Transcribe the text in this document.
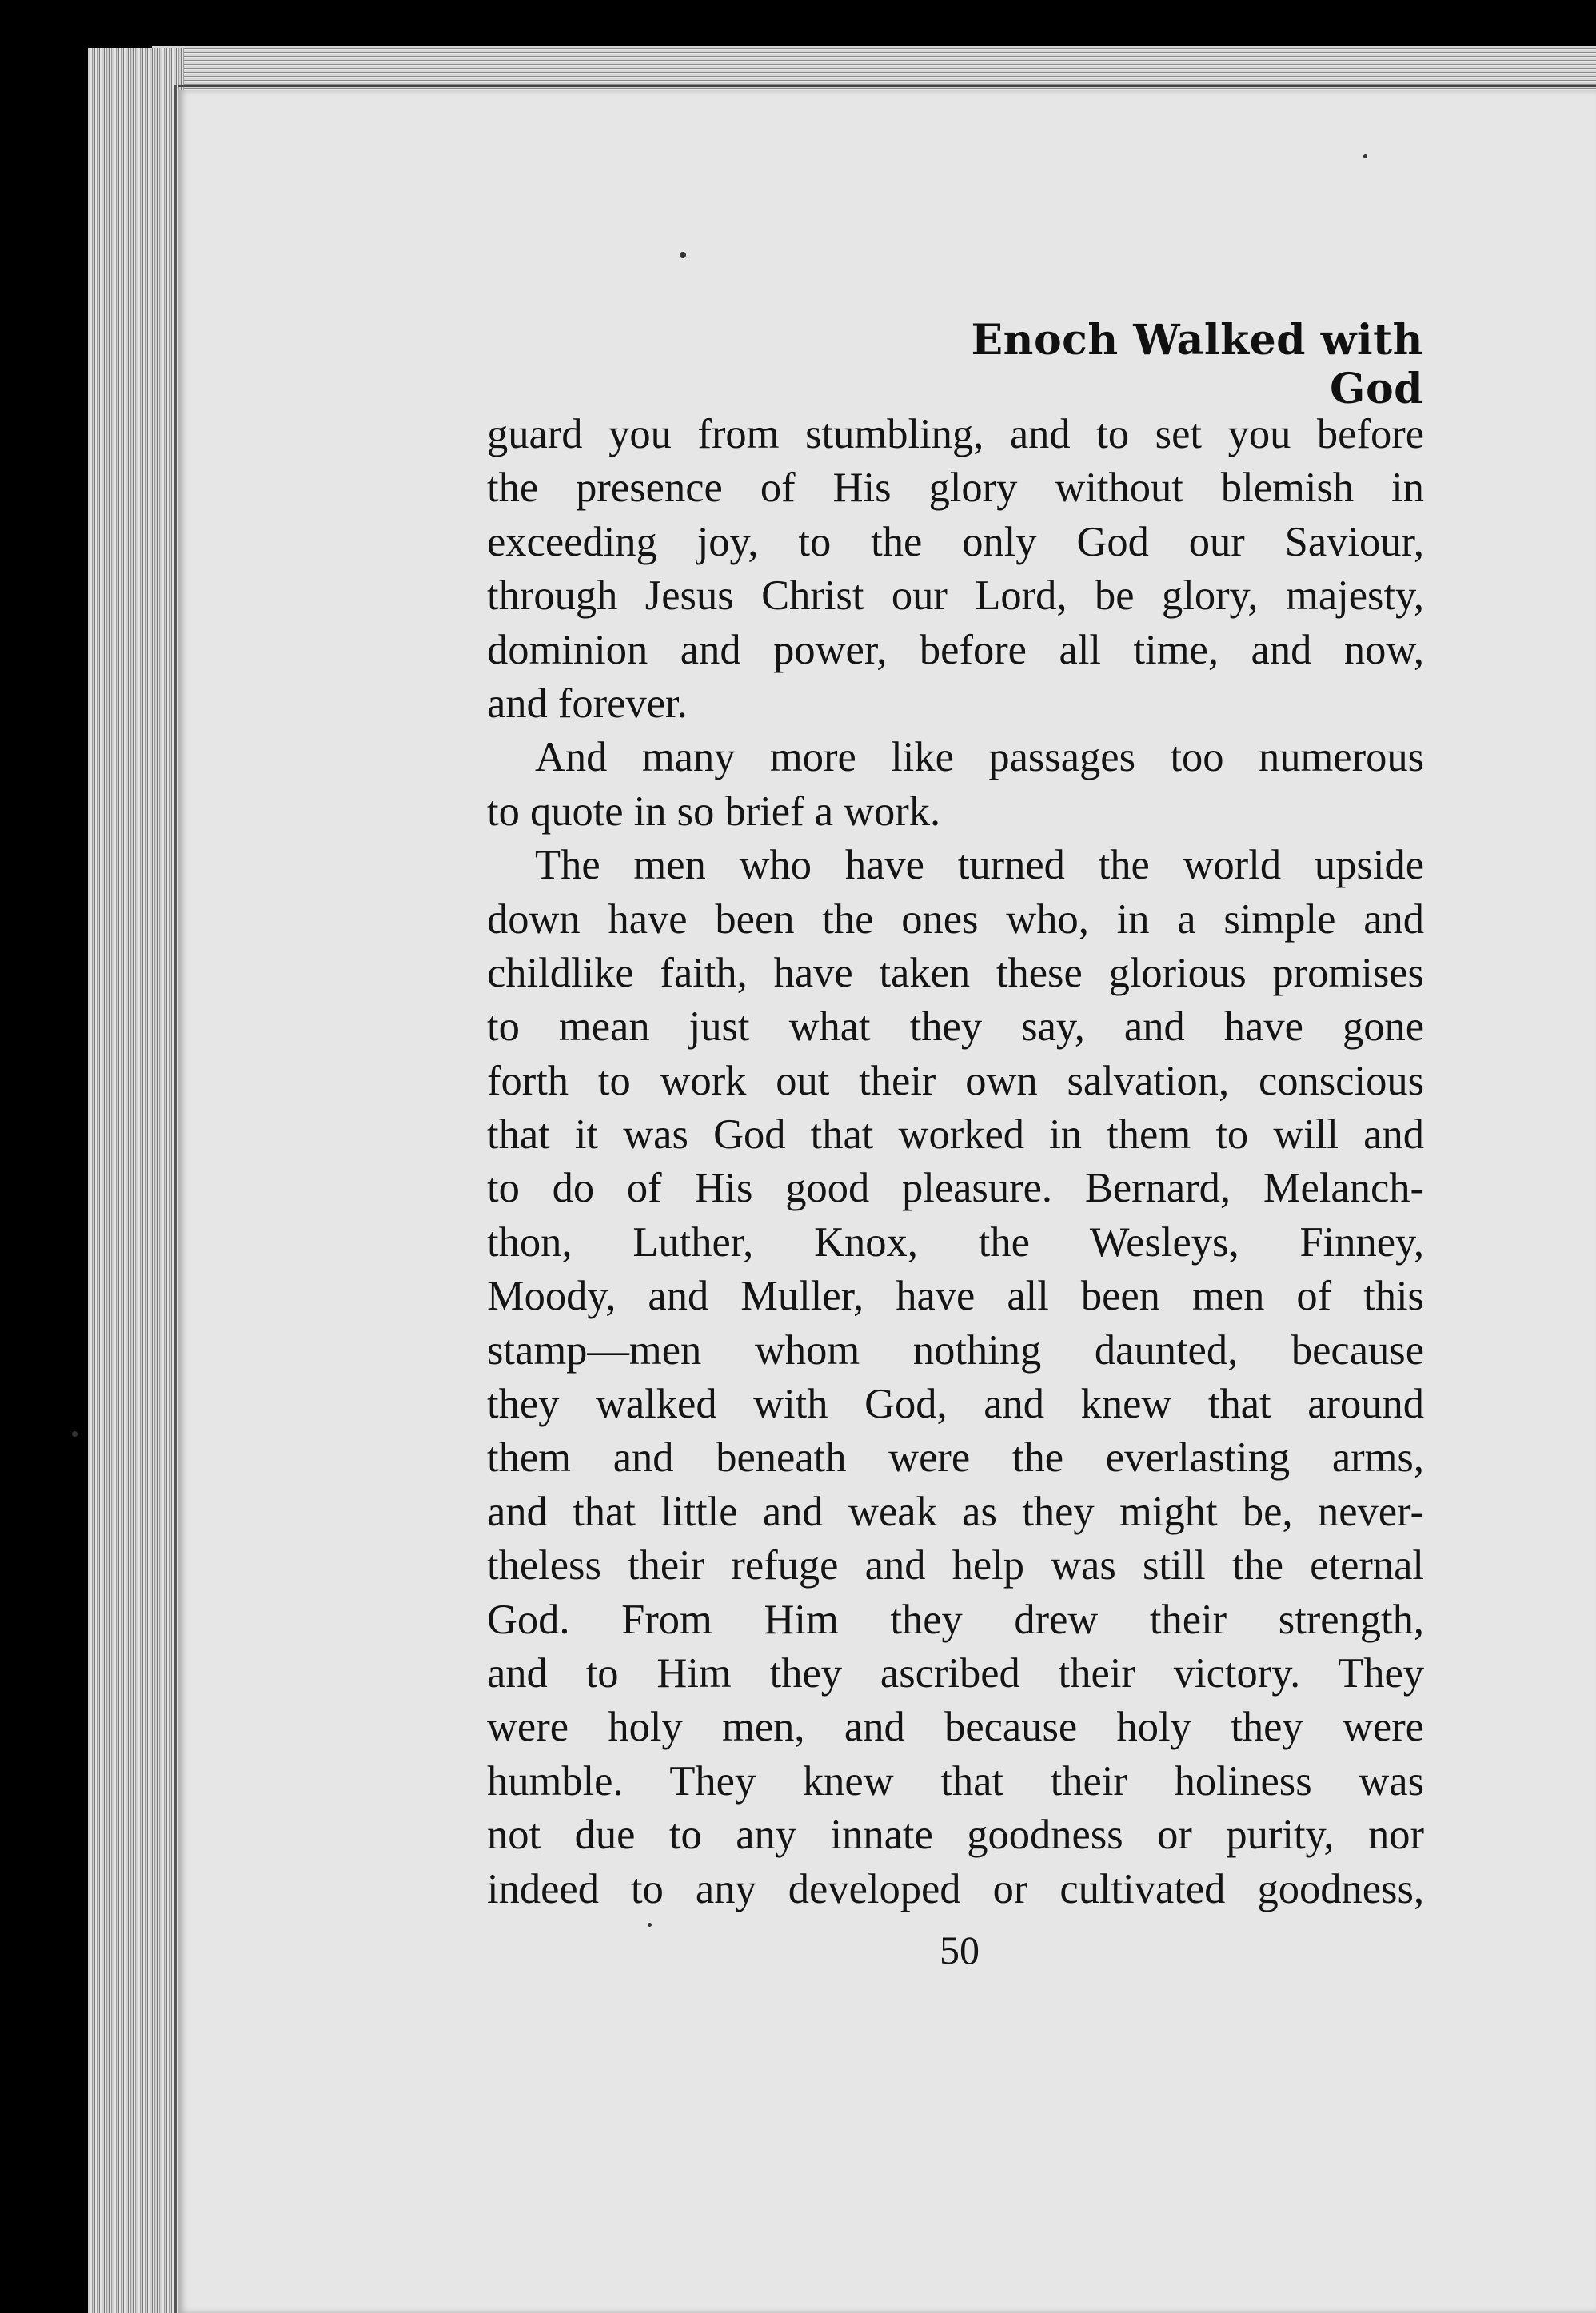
Enoch Walked with God

guard you from stumbling, and to set you before
the presence of His glory without blemish in
exceeding joy, to the only God our Saviour,
through Jesus Christ our Lord, be glory, majesty,
dominion and power, before all time, and now,
and forever.

And many more like passages too numerous
to quote in so brief a work.

The men who have turned the world upside
down have been the ones who, in a simple and
childlike faith, have taken these glorious promises
to mean just what they say, and have gone
forth to work out their own salvation, conscious
that it was God that worked in them to will and
to do of His good pleasure. Bernard, Melanch-
thon, Luther, Knox, the Wesleys, Finney,
Moody, and Muller, have all been men of this
stamp—men whom nothing daunted, because
they walked with God, and knew that around
them and beneath were the everlasting arms,
and that little and weak as they might be, never-
theless their refuge and help was still the eternal
God. From Him they drew their strength,
and to Him they ascribed their victory. They
were holy men, and because holy they were
humble. They knew that their holiness was
not due to any innate goodness or purity, nor
indeed to any developed or cultivated goodness,

50
